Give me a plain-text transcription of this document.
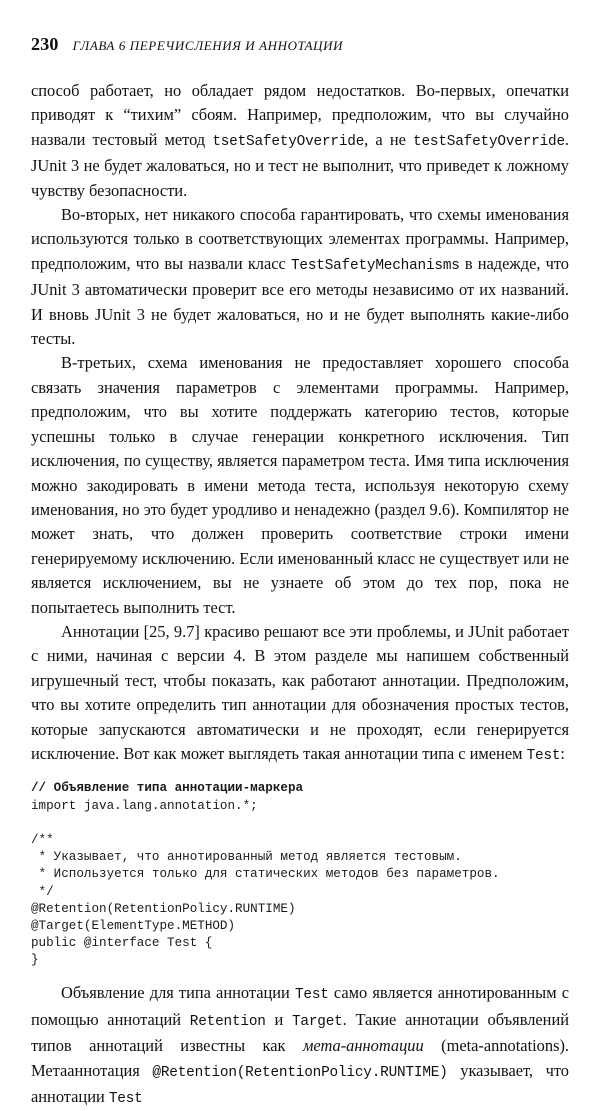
230 ГЛАВА 6 ПЕРЕЧИСЛЕНИЯ И АННОТАЦИИ

способ работает, но обладает рядом недостатков. Во-первых, опечатки приводят к “тихим” сбоям. Например, предположим, что вы случайно назвали тестовый метод tsetSafetyOverride, а не testSafetyOverride. JUnit 3 не будет жаловаться, но и тест не выполнит, что приведет к ложному чувству безопасности.

Во-вторых, нет никакого способа гарантировать, что схемы именования используются только в соответствующих элементах программы. Например, предположим, что вы назвали класс TestSafetyMechanisms в надежде, что JUnit 3 автоматически проверит все его методы независимо от их названий. И вновь JUnit 3 не будет жаловаться, но и не будет выполнять какие-либо тесты.

В-третьих, схема именования не предоставляет хорошего способа связать значения параметров с элементами программы. Например, предположим, что вы хотите поддержать категорию тестов, которые успешны только в случае генерации конкретного исключения. Тип исключения, по существу, является параметром теста. Имя типа исключения можно закодировать в имени метода теста, используя некоторую схему именования, но это будет уродливо и ненадежно (раздел 9.6). Компилятор не может знать, что должен проверить соответствие строки имени генерируемому исключению. Если именованный класс не существует или не является исключением, вы не узнаете об этом до тех пор, пока не попытаетесь выполнить тест.

Аннотации [25, 9.7] красиво решают все эти проблемы, и JUnit работает с ними, начиная с версии 4. В этом разделе мы напишем собственный игрушечный тест, чтобы показать, как работают аннотации. Предположим, что вы хотите определить тип аннотации для обозначения простых тестов, которые запускаются автоматически и не проходят, если генерируется исключение. Вот как может выглядеть такая аннотации типа с именем Test:

// Объявление типа аннотации-маркера
import java.lang.annotation.*;
/**
* Указывает, что аннотированный метод является тестовым.
* Используется только для статических методов без параметров.
*/
@Retention(RetentionPolicy.RUNTIME)
@Target(ElementType.METHOD)
public @interface Test {
}

Объявление для типа аннотации Test само является аннотированным с помощью аннотаций Retention и Target. Такие аннотации объявлений типов аннотаций известны как мета-аннотации (meta-annotations). Метааннотация @Retention(RetentionPolicy.RUNTIME) указывает, что аннотации Test
